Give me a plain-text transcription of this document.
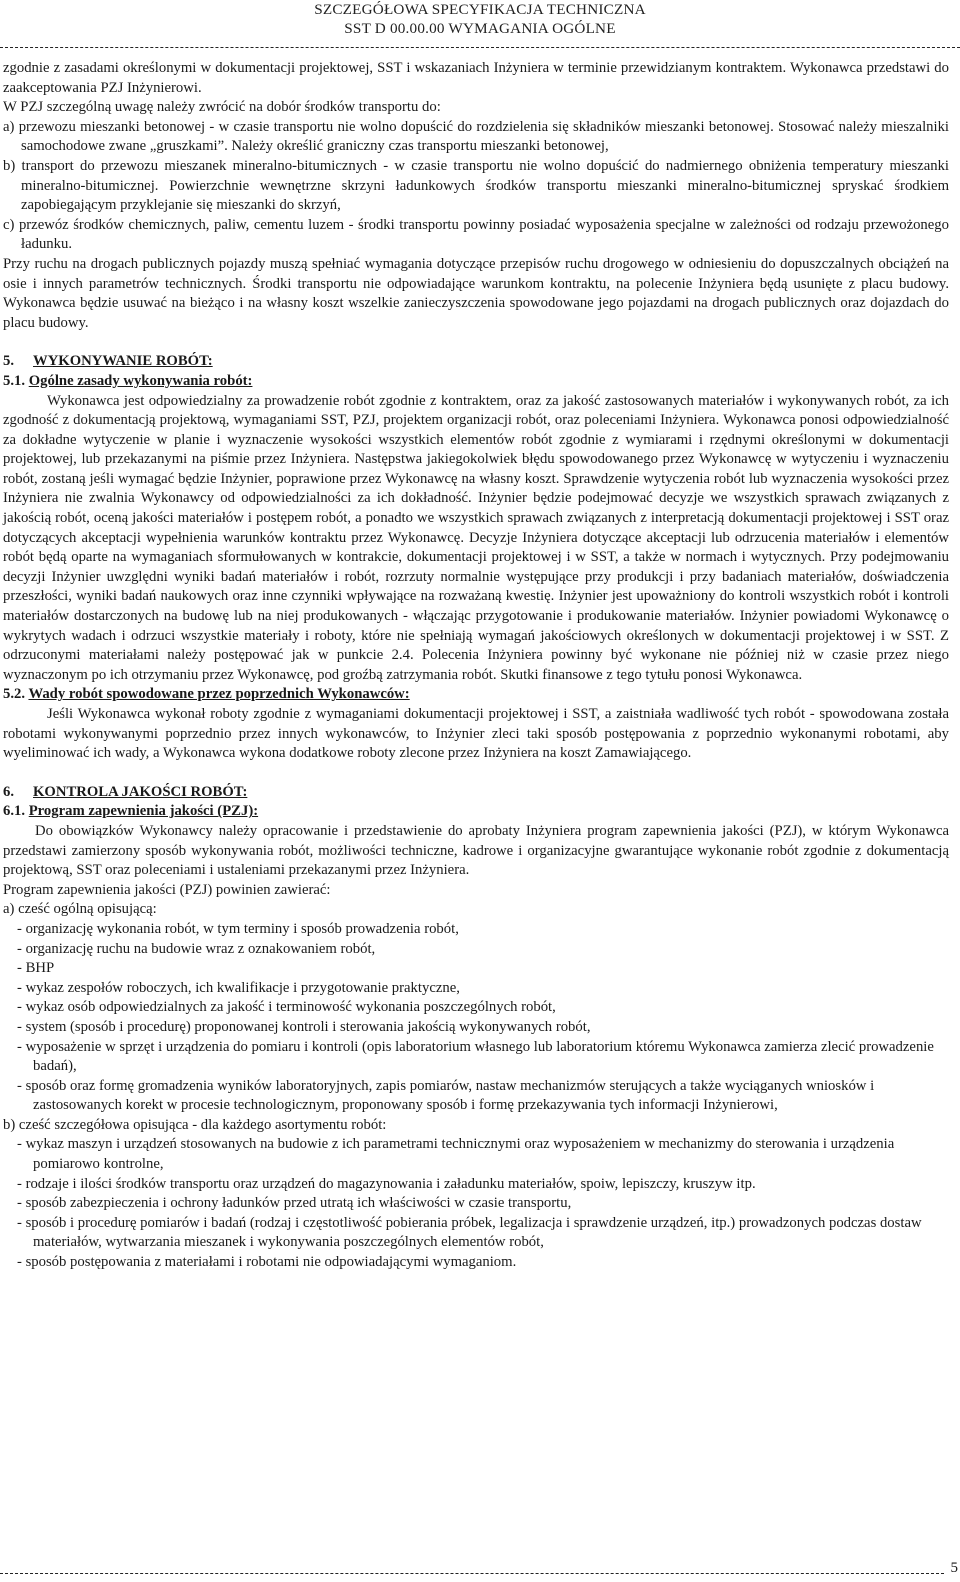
SZCZEGÓŁOWA SPECYFIKACJA TECHNICZNA
SST D 00.00.00 WYMAGANIA OGÓLNE

zgodnie z zasadami określonymi w dokumentacji projektowej, SST i wskazaniach Inżyniera w terminie przewidzianym kontraktem. Wykonawca przedstawi do zaakceptowania PZJ Inżynierowi.

W PZJ szczególną uwagę należy zwrócić na dobór środków transportu do:

a) przewozu mieszanki betonowej - w czasie transportu nie wolno dopuścić do rozdzielenia się składników mieszanki betonowej. Stosować należy mieszalniki samochodowe zwane „gruszkami”. Należy określić graniczny czas transportu mieszanki betonowej,

b) transport do przewozu mieszanek mineralno-bitumicznych - w czasie transportu nie wolno dopuścić do nadmiernego obniżenia temperatury mieszanki mineralno-bitumicznej. Powierzchnie wewnętrzne skrzyni ładunkowych środków transportu mieszanki mineralno-bitumicznej spryskać środkiem zapobiegającym przyklejanie się mieszanki do skrzyń,

c) przewóz środków chemicznych, paliw, cementu luzem - środki transportu powinny posiadać wyposażenia specjalne w zależności od rodzaju przewożonego ładunku.

Przy ruchu na drogach publicznych pojazdy muszą spełniać wymagania dotyczące przepisów ruchu drogowego w odniesieniu do dopuszczalnych obciążeń na osie i innych parametrów technicznych. Środki transportu nie odpowiadające warunkom kontraktu, na polecenie Inżyniera będą usunięte z placu budowy. Wykonawca będzie usuwać na bieżąco i na własny koszt wszelkie zanieczyszczenia spowodowane jego pojazdami na drogach publicznych oraz dojazdach do placu budowy.

5. WYKONYWANIE ROBÓT:

5.1. Ogólne zasady wykonywania robót:

Wykonawca jest odpowiedzialny za prowadzenie robót zgodnie z kontraktem, oraz za jakość zastosowanych materiałów i wykonywanych robót, za ich zgodność z dokumentacją projektową, wymaganiami SST, PZJ, projektem organizacji robót, oraz poleceniami Inżyniera. Wykonawca ponosi odpowiedzialność za dokładne wytyczenie w planie i wyznaczenie wysokości wszystkich elementów robót zgodnie z wymiarami i rzędnymi określonymi w dokumentacji projektowej, lub przekazanymi na piśmie przez Inżyniera. Następstwa jakiegokolwiek błędu spowodowanego przez Wykonawcę w wytyczeniu i wyznaczeniu robót, zostaną jeśli wymagać będzie Inżynier, poprawione przez Wykonawcę na własny koszt. Sprawdzenie wytyczenia robót lub wyznaczenia wysokości przez Inżyniera nie zwalnia Wykonawcy od odpowiedzialności za ich dokładność. Inżynier będzie podejmować decyzje we wszystkich sprawach związanych z jakością robót, oceną jakości materiałów i postępem robót, a ponadto we wszystkich sprawach związanych z interpretacją dokumentacji projektowej i SST oraz dotyczących akceptacji wypełnienia warunków kontraktu przez Wykonawcę. Decyzje Inżyniera dotyczące akceptacji lub odrzucenia materiałów i elementów robót będą oparte na wymaganiach sformułowanych w kontrakcie, dokumentacji projektowej i w SST, a także w normach i wytycznych. Przy podejmowaniu decyzji Inżynier uwzględni wyniki badań materiałów i robót, rozrzuty normalnie występujące przy produkcji i przy badaniach materiałów, doświadczenia przeszłości, wyniki badań naukowych oraz inne czynniki wpływające na rozważaną kwestię. Inżynier jest upoważniony do kontroli wszystkich robót i kontroli materiałów dostarczonych na budowę lub na niej produkowanych - włączając przygotowanie i produkowanie materiałów. Inżynier powiadomi Wykonawcę o wykrytych wadach i odrzuci wszystkie materiały i roboty, które nie spełniają wymagań jakościowych określonych w dokumentacji projektowej i w SST. Z odrzuconymi materiałami należy postępować jak w punkcie 2.4. Polecenia Inżyniera powinny być wykonane nie później niż w czasie przez niego wyznaczonym po ich otrzymaniu przez Wykonawcę, pod groźbą zatrzymania robót. Skutki finansowe z tego tytułu ponosi Wykonawca.

5.2. Wady robót spowodowane przez poprzednich Wykonawców:

Jeśli Wykonawca wykonał roboty zgodnie z wymaganiami dokumentacji projektowej i SST, a zaistniała wadliwość tych robót - spowodowana została robotami wykonywanymi poprzednio przez innych wykonawców, to Inżynier zleci taki sposób postępowania z poprzednio wykonanymi robotami, aby wyeliminować ich wady, a Wykonawca wykona dodatkowe roboty zlecone przez Inżyniera na koszt Zamawiającego.

6. KONTROLA JAKOŚCI ROBÓT:

6.1. Program zapewnienia jakości (PZJ):

Do obowiązków Wykonawcy należy opracowanie i przedstawienie do aprobaty Inżyniera program zapewnienia jakości (PZJ), w którym Wykonawca przedstawi zamierzony sposób wykonywania robót, możliwości techniczne, kadrowe i organizacyjne gwarantujące wykonanie robót zgodnie z dokumentacją projektową, SST oraz poleceniami i ustaleniami przekazanymi przez Inżyniera.

Program zapewnienia jakości (PZJ) powinien zawierać:

a) cześć ogólną opisującą:

- organizację wykonania robót, w tym terminy i sposób prowadzenia robót,

- organizację ruchu na budowie wraz z oznakowaniem robót,

- BHP

- wykaz zespołów roboczych, ich kwalifikacje i przygotowanie praktyczne,

- wykaz osób odpowiedzialnych za jakość i terminowość wykonania poszczególnych robót,

- system (sposób i procedurę) proponowanej kontroli i sterowania jakością wykonywanych robót,

- wyposażenie w sprzęt i urządzenia do pomiaru i kontroli (opis laboratorium własnego lub laboratorium któremu Wykonawca zamierza zlecić prowadzenie badań),

- sposób oraz formę gromadzenia wyników laboratoryjnych, zapis pomiarów, nastaw mechanizmów sterujących a także wyciąganych wniosków i zastosowanych korekt w procesie technologicznym, proponowany sposób i formę przekazywania tych informacji Inżynierowi,

b) cześć szczegółowa opisująca - dla każdego asortymentu robót:

- wykaz maszyn i urządzeń stosowanych na budowie z ich parametrami technicznymi oraz wyposażeniem w mechanizmy do sterowania i urządzenia pomiarowo kontrolne,

- rodzaje i ilości środków transportu oraz urządzeń do magazynowania i załadunku materiałów, spoiw, lepiszczy, kruszyw itp.

- sposób zabezpieczenia i ochrony ładunków przed utratą ich właściwości w czasie transportu,

- sposób i procedurę pomiarów i badań (rodzaj i częstotliwość pobierania próbek, legalizacja i sprawdzenie urządzeń, itp.) prowadzonych podczas dostaw materiałów, wytwarzania mieszanek i wykonywania poszczególnych elementów robót,

- sposób postępowania z materiałami i robotami nie odpowiadającymi wymaganiom.

5
